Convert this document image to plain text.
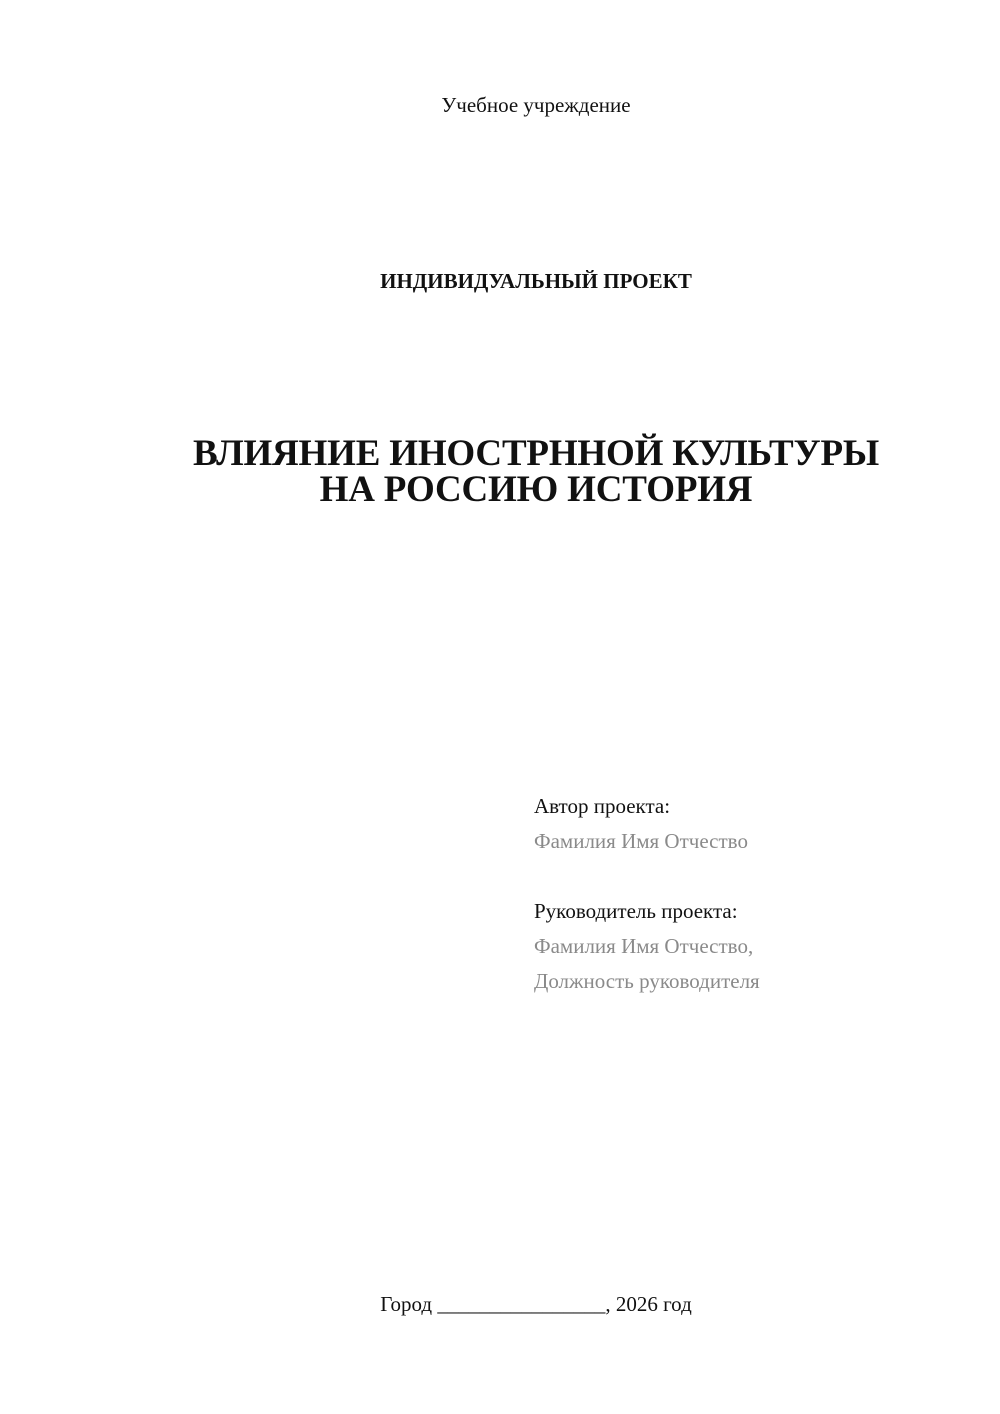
Учебное учреждение
ИНДИВИДУАЛЬНЫЙ ПРОЕКТ
ВЛИЯНИЕ ИНОСТРННОЙ КУЛЬТУРЫ
НА РОССИЮ ИСТОРИЯ
Автор проекта:
Фамилия Имя Отчество
Руководитель проекта:
Фамилия Имя Отчество,
Должность руководителя
Город ________________, 2026 год
